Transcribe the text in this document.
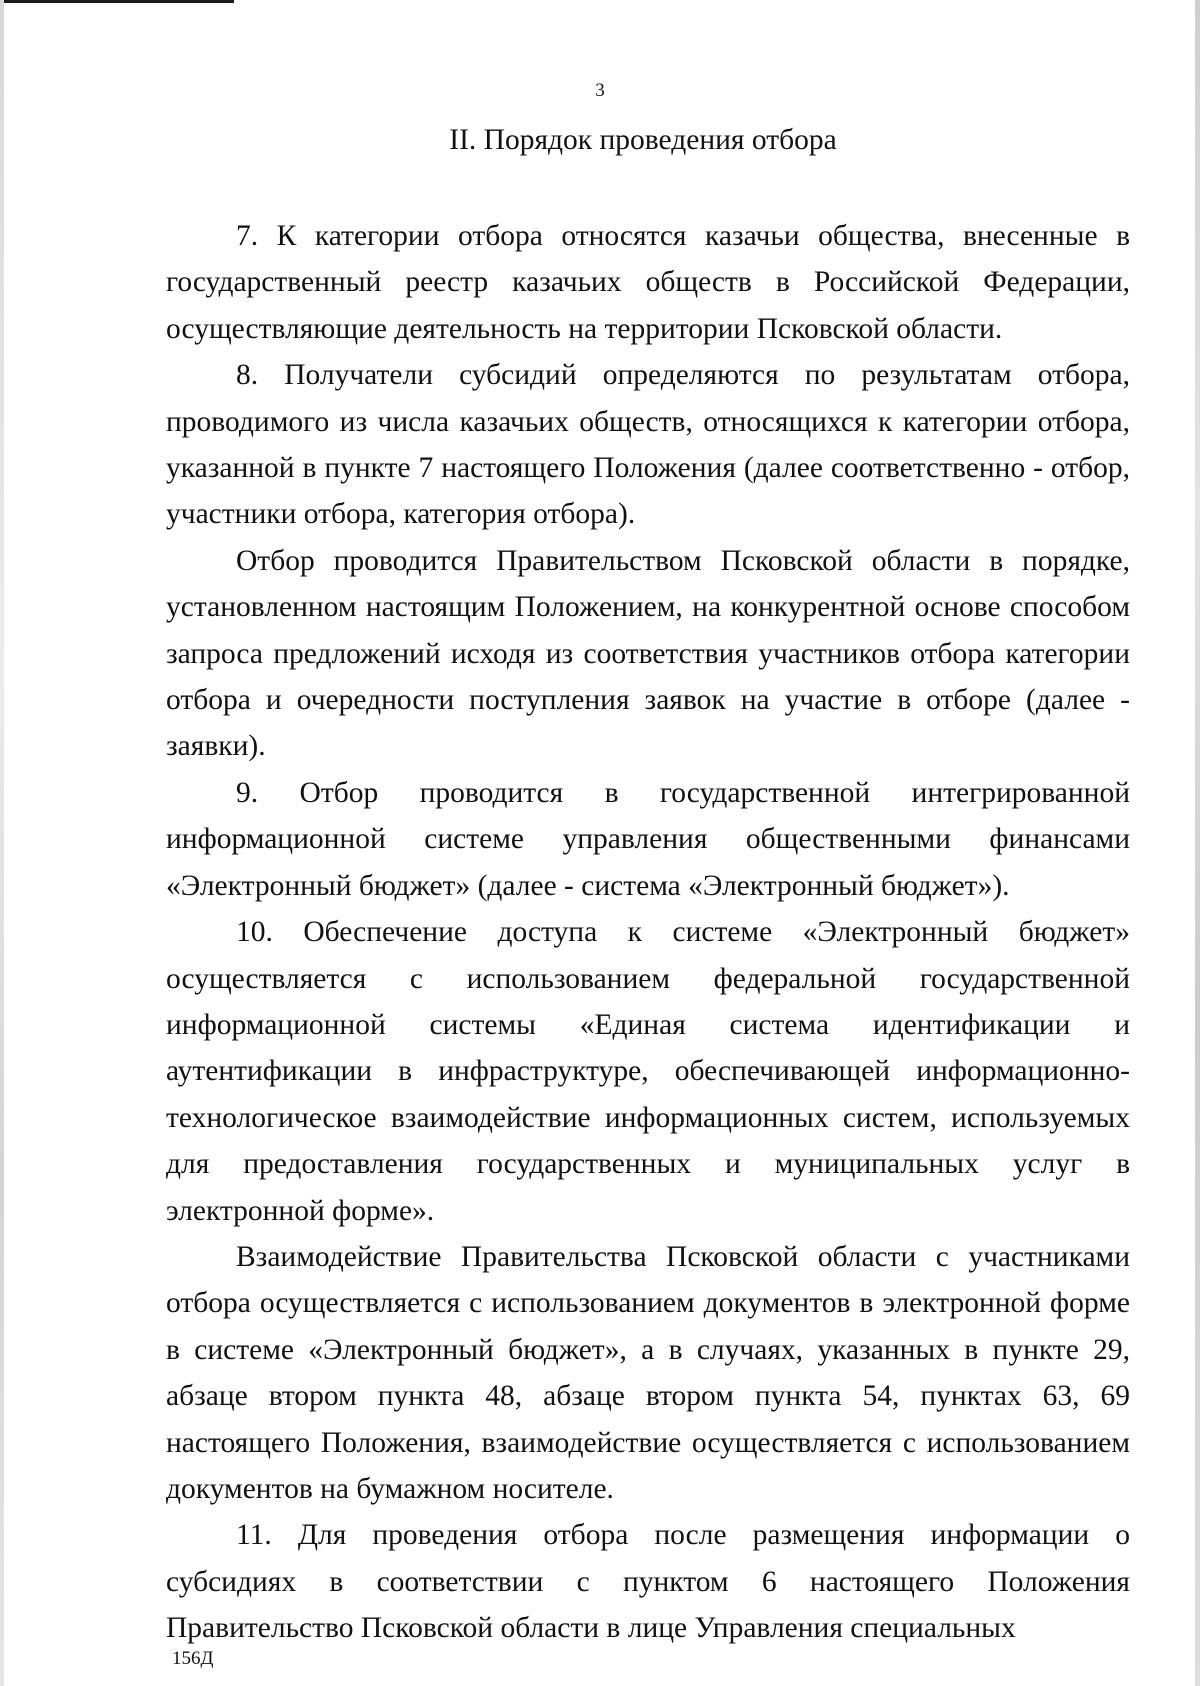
3
II. Порядок проведения отбора

7. К категории отбора относятся казачьи общества, внесенные в государственный реестр казачьих обществ в Российской Федерации, осуществляющие деятельность на территории Псковской области.

8. Получатели субсидий определяются по результатам отбора, проводимого из числа казачьих обществ, относящихся к категории отбора, указанной в пункте 7 настоящего Положения (далее соответственно - отбор, участники отбора, категория отбора).

Отбор проводится Правительством Псковской области в порядке, установленном настоящим Положением, на конкурентной основе способом запроса предложений исходя из соответствия участников отбора категории отбора и очередности поступления заявок на участие в отборе (далее - заявки).

9. Отбор проводится в государственной интегрированной информационной системе управления общественными финансами «Электронный бюджет» (далее - система «Электронный бюджет»).

10. Обеспечение доступа к системе «Электронный бюджет» осуществляется с использованием федеральной государственной информационной системы «Единая система идентификации и аутентификации в инфраструктуре, обеспечивающей информационно-технологическое взаимодействие информационных систем, используемых для предоставления государственных и муниципальных услуг в электронной форме».

Взаимодействие Правительства Псковской области с участниками отбора осуществляется с использованием документов в электронной форме в системе «Электронный бюджет», а в случаях, указанных в пункте 29, абзаце втором пункта 48, абзаце втором пункта 54, пунктах 63, 69 настоящего Положения, взаимодействие осуществляется с использованием документов на бумажном носителе.

11. Для проведения отбора после размещения информации о субсидиях в соответствии с пунктом 6 настоящего Положения Правительство Псковской области в лице Управления специальных

156Д
